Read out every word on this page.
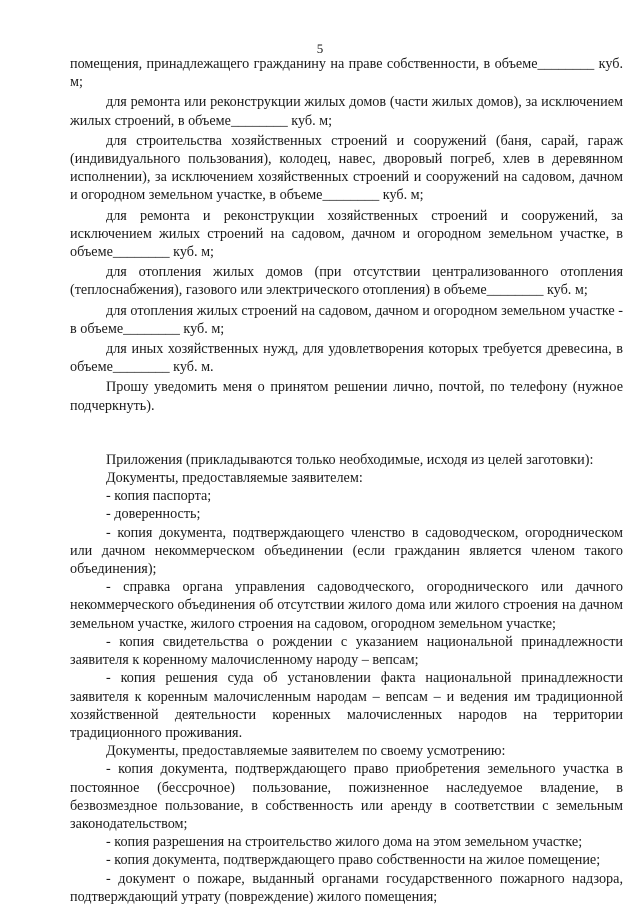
5

помещения, принадлежащего гражданину на праве собственности, в объеме________ куб. м;

для ремонта или реконструкции жилых домов (части жилых домов), за исключением жилых строений, в объеме________ куб. м;

для строительства хозяйственных строений и сооружений (баня, сарай, гараж (индивидуального пользования), колодец, навес, дворовый погреб, хлев в деревянном исполнении), за исключением хозяйственных строений и сооружений на садовом, дачном и огородном земельном участке, в объеме________ куб. м;

для ремонта и реконструкции хозяйственных строений и сооружений, за исключением жилых строений на садовом, дачном и огородном земельном участке, в объеме________ куб. м;

для отопления жилых домов (при отсутствии централизованного отопления (теплоснабжения), газового или электрического отопления) в объеме________ куб. м;

для отопления жилых строений на садовом, дачном и огородном земельном участке - в объеме________ куб. м;

для иных хозяйственных нужд, для удовлетворения которых требуется древесина, в объеме________ куб. м.

Прошу уведомить меня о принятом решении лично, почтой, по телефону (нужное подчеркнуть).

Приложения (прикладываются только необходимые, исходя из целей заготовки):

Документы, предоставляемые заявителем:

- копия паспорта;

- доверенность;

- копия документа, подтверждающего членство в садоводческом, огородническом или дачном некоммерческом объединении (если гражданин является членом такого объединения);

- справка органа управления садоводческого, огороднического или дачного некоммерческого объединения об отсутствии жилого дома или жилого строения на дачном земельном участке, жилого строения на садовом, огородном земельном участке;

- копия свидетельства о рождении с указанием национальной принадлежности заявителя к коренному малочисленному народу – вепсам;

- копия решения суда об установлении факта национальной принадлежности заявителя к коренным малочисленным народам – вепсам – и ведения им традиционной хозяйственной деятельности коренных малочисленных народов на территории традиционного проживания.

Документы, предоставляемые заявителем по своему усмотрению:

- копия документа, подтверждающего право приобретения земельного участка в постоянное (бессрочное) пользование, пожизненное наследуемое владение, в безвозмездное пользование, в собственность или аренду в соответствии с земельным законодательством;

- копия разрешения на строительство жилого дома на этом земельном участке;

- копия документа, подтверждающего право собственности на жилое помещение;

- документ о пожаре, выданный органами государственного пожарного надзора, подтверждающий утрату (повреждение) жилого помещения;
